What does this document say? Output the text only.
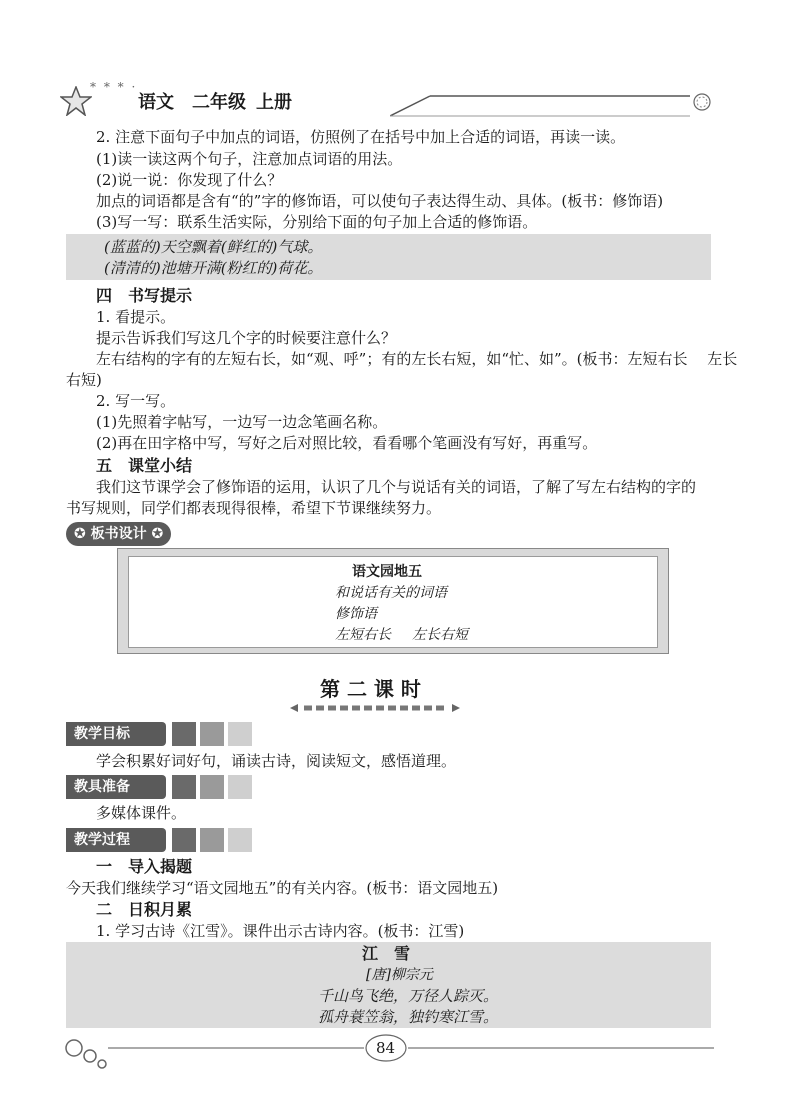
* * * ·
语文 二年级 上册
2. 注意下面句子中加点的词语，仿照例了在括号中加上合适的词语，再读一读。
(1)读一读这两个句子，注意加点词语的用法。
(2)说一说：你发现了什么？
加点的词语都是含有“的”字的修饰语，可以使句子表达得生动、具体。(板书：修饰语)
(3)写一写：联系生活实际，分别给下面的句子加上合适的修饰语。
(蓝蓝的)天空飘着(鲜红的)气球。
(清清的)池塘开满(粉红的)荷花。
四　书写提示
1. 看提示。
提示告诉我们写这几个字的时候要注意什么？
左右结构的字有的左短右长，如“观、呼”；有的左长右短，如“忙、如”。(板书：左短右长　 左长
右短)
2. 写一写。
(1)先照着字帖写，一边写一边念笔画名称。
(2)再在田字格中写，写好之后对照比较，看看哪个笔画没有写好，再重写。
五　课堂小结
我们这节课学会了修饰语的运用，认识了几个与说话有关的词语，了解了写左右结构的字的
书写规则，同学们都表现得很棒，希望下节课继续努力。
✪ 板书设计 ✪
语文园地五
和说话有关的词语
修饰语
左短右长 左长右短
第 二 课 时
教学目标
学会积累好词好句，诵读古诗，阅读短文，感悟道理。
教具准备
多媒体课件。
教学过程
一　导入揭题
今天我们继续学习“语文园地五”的有关内容。(板书：语文园地五)
二　日积月累
1. 学习古诗《江雪》。课件出示古诗内容。(板书：江雪)
江　雪
[唐]柳宗元
千山鸟飞绝，万径人踪灭。
孤舟蓑笠翁，独钓寒江雪。
84
